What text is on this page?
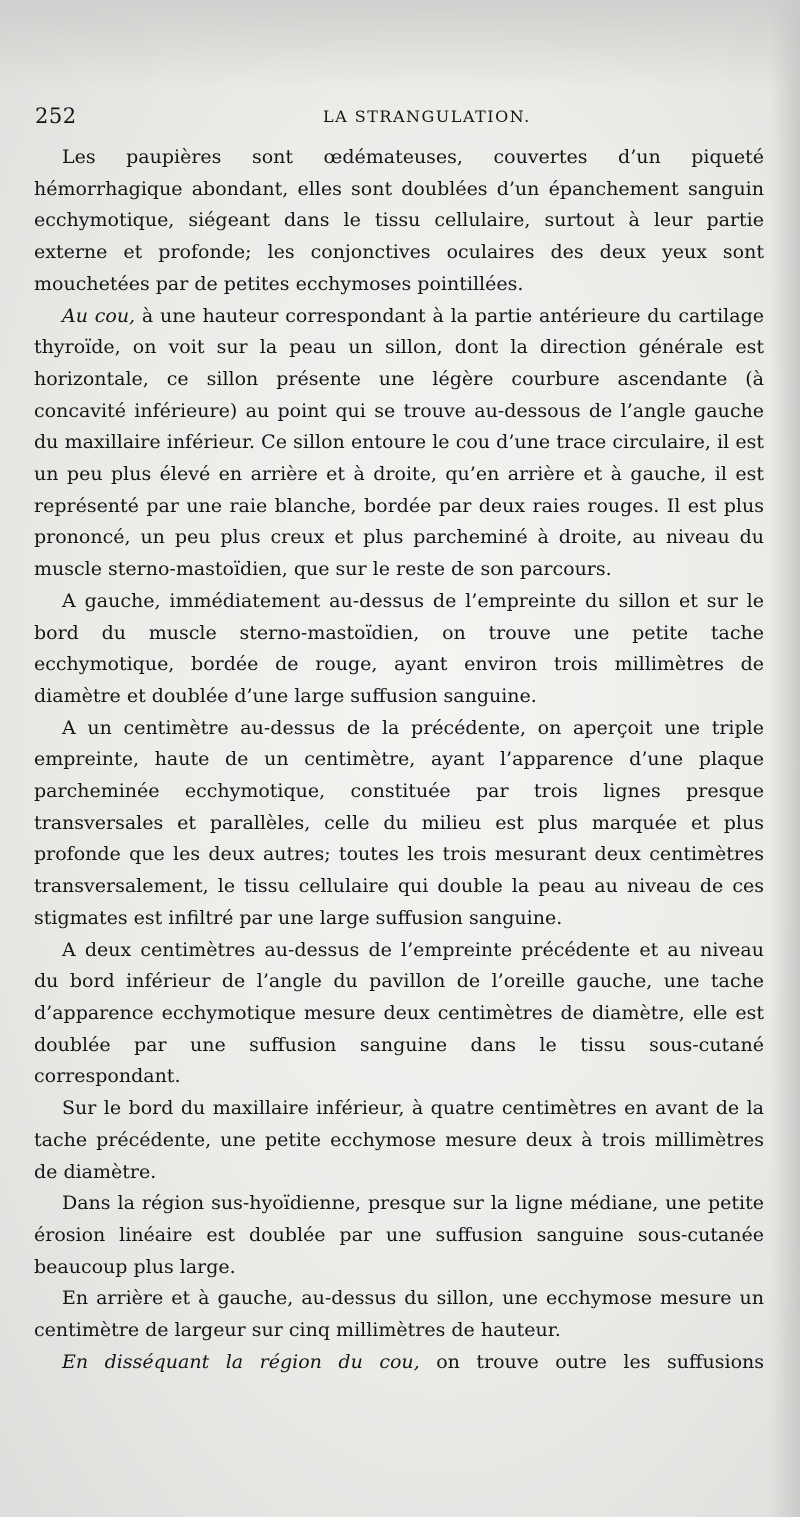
252	LA STRANGULATION.

Les paupières sont œdémateuses, couvertes d’un piqueté hémorrhagique abondant, elles sont doublées d’un épanchement sanguin ecchymotique, siégeant dans le tissu cellulaire, surtout à leur partie externe et profonde; les conjonctives oculaires des deux yeux sont mouchetées par de petites ecchymoses pointillées.

Au cou, à une hauteur correspondant à la partie antérieure du cartilage thyroïde, on voit sur la peau un sillon, dont la direction générale est horizontale, ce sillon présente une légère courbure ascendante (à concavité inférieure) au point qui se trouve au-dessous de l’angle gauche du maxillaire inférieur. Ce sillon entoure le cou d’une trace circulaire, il est un peu plus élevé en arrière et à droite, qu’en arrière et à gauche, il est représenté par une raie blanche, bordée par deux raies rouges. Il est plus prononcé, un peu plus creux et plus parcheminé à droite, au niveau du muscle sterno-mastoïdien, que sur le reste de son parcours.

A gauche, immédiatement au-dessus de l’empreinte du sillon et sur le bord du muscle sterno-mastoïdien, on trouve une petite tache ecchymotique, bordée de rouge, ayant environ trois millimètres de diamètre et doublée d’une large suffusion sanguine.

A un centimètre au-dessus de la précédente, on aperçoit une triple empreinte, haute de un centimètre, ayant l’apparence d’une plaque parcheminée ecchymotique, constituée par trois lignes presque transversales et parallèles, celle du milieu est plus marquée et plus profonde que les deux autres; toutes les trois mesurant deux centimètres transversalement, le tissu cellulaire qui double la peau au niveau de ces stigmates est infiltré par une large suffusion sanguine.

A deux centimètres au-dessus de l’empreinte précédente et au niveau du bord inférieur de l’angle du pavillon de l’oreille gauche, une tache d’apparence ecchymotique mesure deux centimètres de diamètre, elle est doublée par une suffusion sanguine dans le tissu sous-cutané correspondant.

Sur le bord du maxillaire inférieur, à quatre centimètres en avant de la tache précédente, une petite ecchymose mesure deux à trois millimètres de diamètre.

Dans la région sus-hyoïdienne, presque sur la ligne médiane, une petite érosion linéaire est doublée par une suffusion sanguine sous-cutanée beaucoup plus large.

En arrière et à gauche, au-dessus du sillon, une ecchymose mesure un centimètre de largeur sur cinq millimètres de hauteur.

En disséquant la région du cou, on trouve outre les suffusions
